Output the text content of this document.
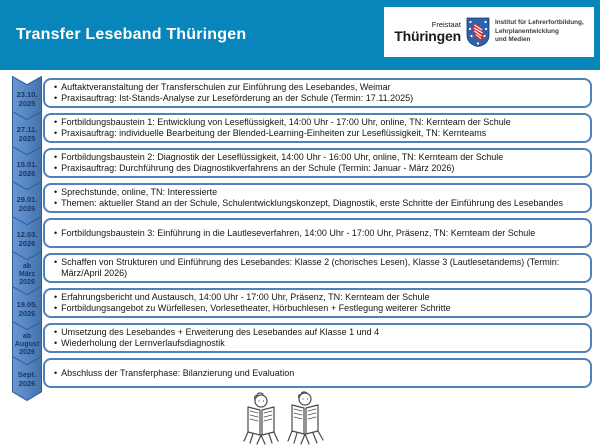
Transfer Leseband Thüringen
Freistaat
Thüringen
Institut für Lehrerfortbildung,
Lehrplanentwicklung
und Medien
23.10.
2025
• Auftaktveranstaltung der Transferschulen zur Einführung des Lesebandes, Weimar
• Praxisauftrag: Ist-Stands-Analyse zur Leseförderung an der Schule (Termin: 17.11.2025)
27.11.
2025
• Fortbildungsbaustein 1: Entwicklung von Leseflüssigkeit, 14:00 Uhr - 17:00 Uhr, online, TN: Kernteam der Schule
• Praxisauftrag: individuelle Bearbeitung der Blended-Learning-Einheiten zur Leseflüssigkeit, TN: Kernteams
15.01.
2026
• Fortbildungsbaustein 2: Diagnostik der Leseflüssigkeit, 14:00 Uhr - 16:00 Uhr, online, TN: Kernteam der Schule
• Praxisauftrag: Durchführung des Diagnostikverfahrens an der Schule (Termin: Januar - März 2026)
29.01.
2026
• Sprechstunde, online, TN: Interessierte
• Themen: aktueller Stand an der Schule, Schulentwicklungskonzept, Diagnostik, erste Schritte der Einführung des Lesebandes
12.03.
2026
• Fortbildungsbaustein 3: Einführung in die Lautleseverfahren, 14:00 Uhr - 17:00 Uhr, Präsenz, TN: Kernteam der Schule
ab
März
2026
• Schaffen von Strukturen und Einführung des Lesebandes: Klasse 2 (chorisches Lesen), Klasse 3 (Lautlesetandems) (Termin: März/April 2026)
19.05.
2026
• Erfahrungsbericht und Austausch, 14:00 Uhr - 17:00 Uhr, Präsenz, TN: Kernteam der Schule
• Fortbildungsangebot zu Würfellesen, Vorlesetheater, Hörbuchlesen + Festlegung weiterer Schritte
ab
August
2026
• Umsetzung des Lesebandes + Erweiterung des Lesebandes auf Klasse 1 und 4
• Wiederholung der Lernverlaufsdiagnostik
Sept.
2026
• Abschluss der Transferphase: Bilanzierung und Evaluation
